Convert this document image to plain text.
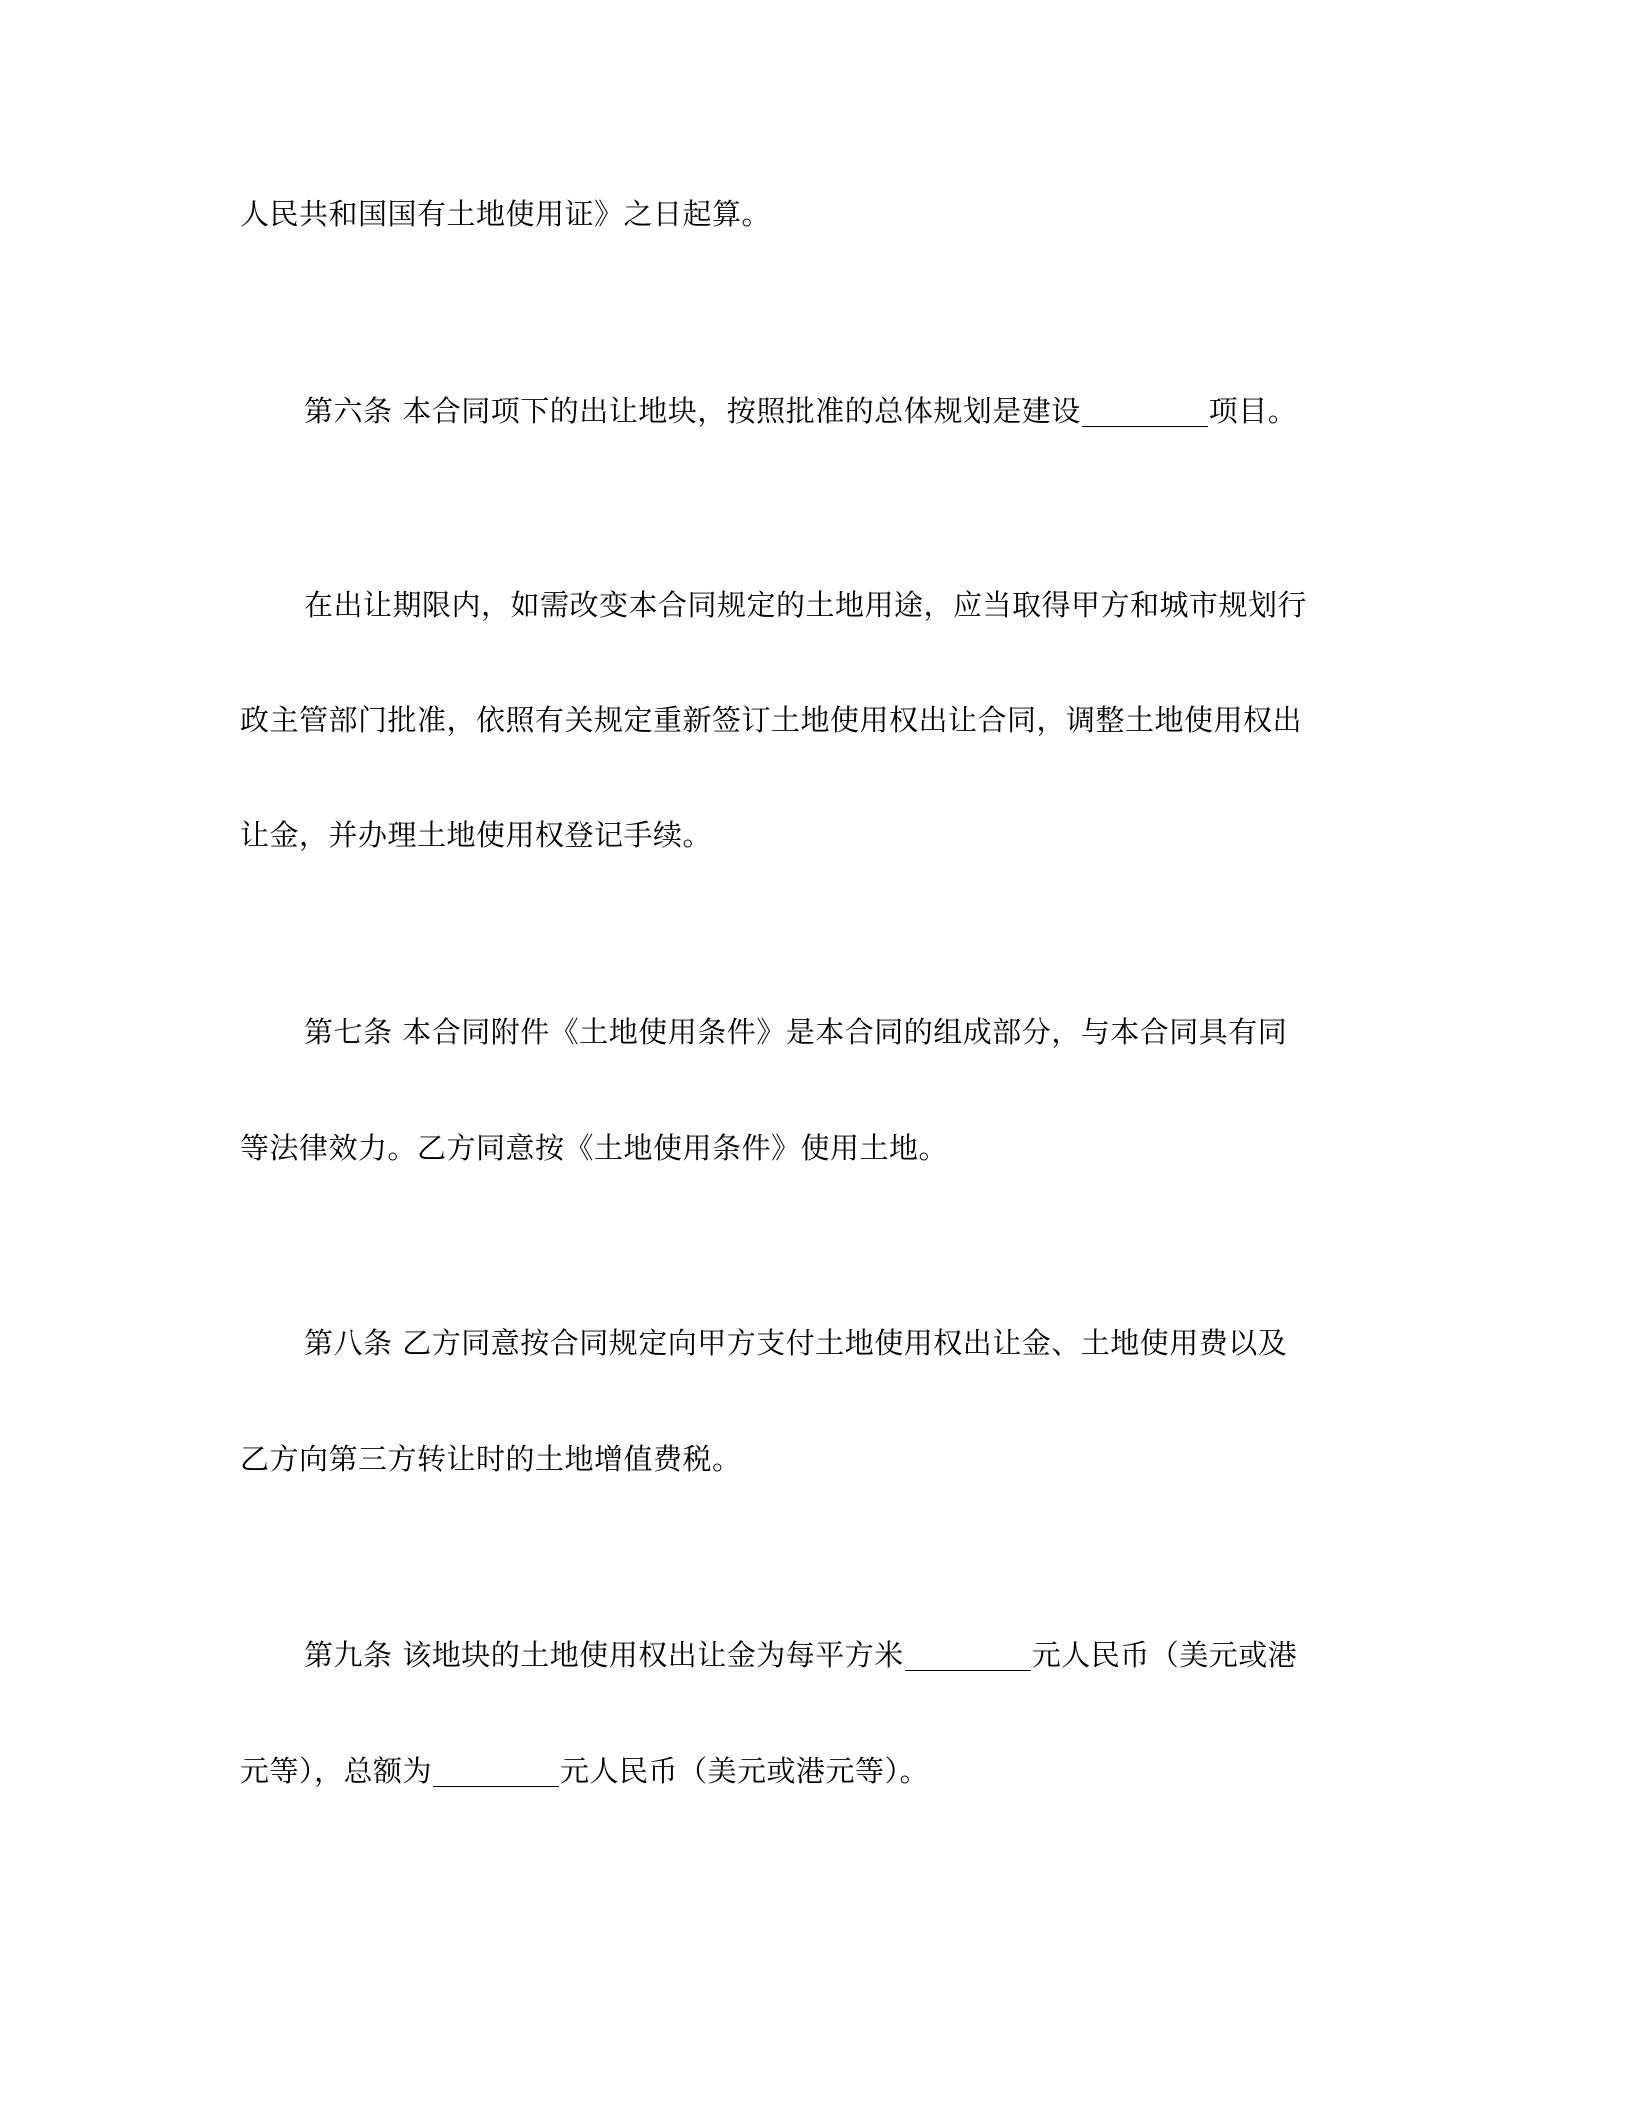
人民共和国国有土地使用证》之日起算。
第六条 本合同项下的出让地块，按照批准的总体规划是建设	项目。
在出让期限内，如需改变本合同规定的土地用途，应当取得甲方和城市规划行
政主管部门批准，依照有关规定重新签订土地使用权出让合同，调整土地使用权出
让金，并办理土地使用权登记手续。
第七条 本合同附件《土地使用条件》是本合同的组成部分，与本合同具有同
等法律效力。乙方同意按《土地使用条件》使用土地。
第八条 乙方同意按合同规定向甲方支付土地使用权出让金、土地使用费以及
乙方向第三方转让时的土地增值费税。
第九条 该地块的土地使用权出让金为每平方米	元人民币（美元或港
元等），总额为	元人民币（美元或港元等）。
